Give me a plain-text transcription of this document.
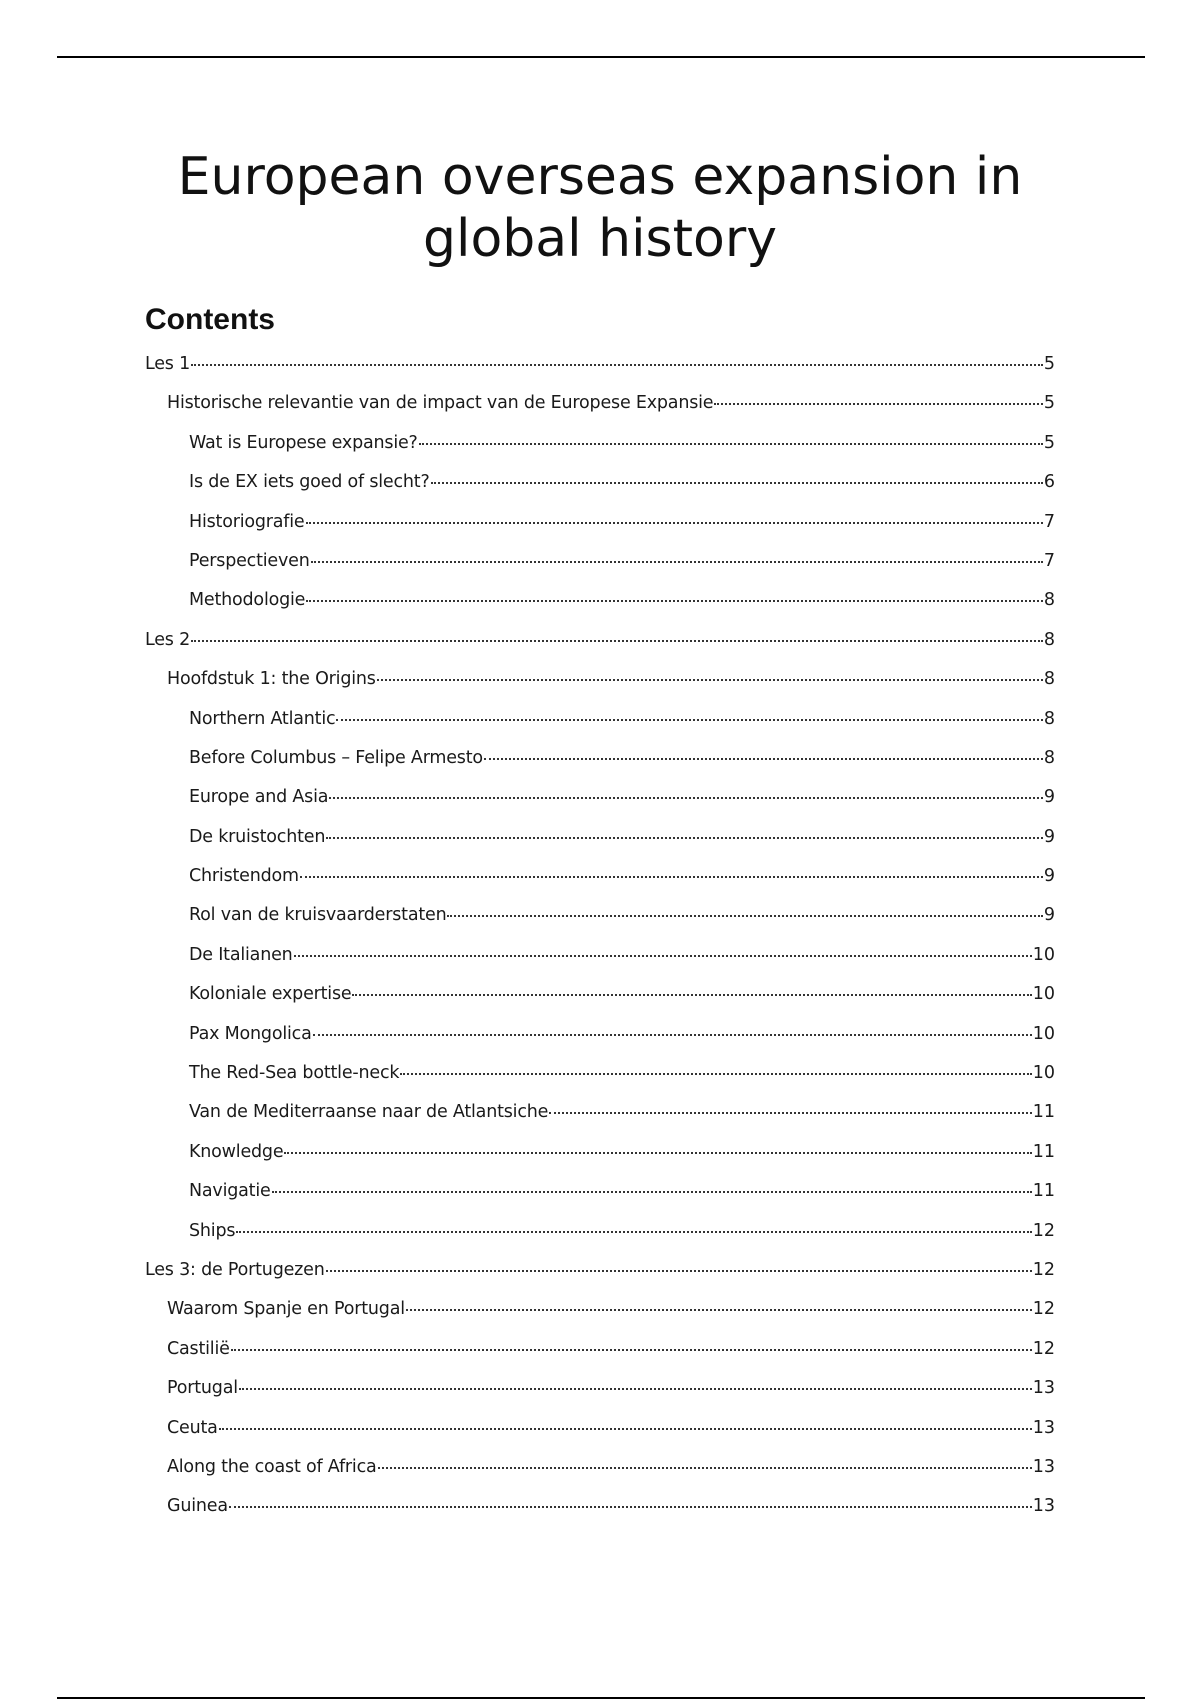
European overseas expansion in global history
Contents
Les 1	5
Historische relevantie van de impact van de Europese Expansie	5
Wat is Europese expansie?	5
Is de EX iets goed of slecht?	6
Historiografie	7
Perspectieven	7
Methodologie	8
Les 2	8
Hoofdstuk 1: the Origins	8
Northern Atlantic	8
Before Columbus – Felipe Armesto	8
Europe and Asia	9
De kruistochten	9
Christendom	9
Rol van de kruisvaarderstaten	9
De Italianen	10
Koloniale expertise	10
Pax Mongolica	10
The Red-Sea bottle-neck	10
Van de Mediterraanse naar de Atlantsiche	11
Knowledge	11
Navigatie	11
Ships	12
Les 3: de Portugezen	12
Waarom Spanje en Portugal	12
Castilië	12
Portugal	13
Ceuta	13
Along the coast of Africa	13
Guinea	13
